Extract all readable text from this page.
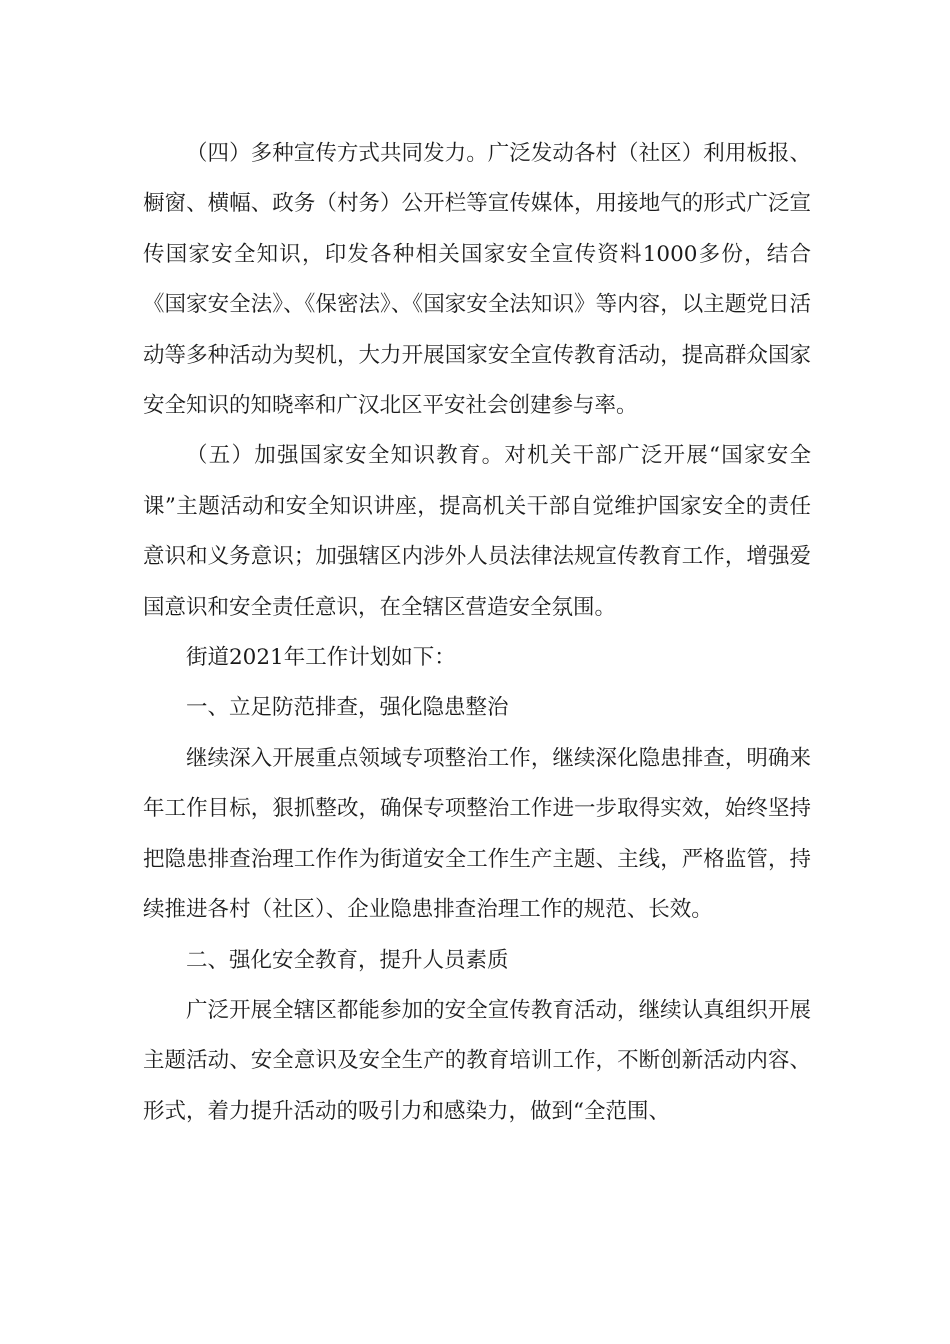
（四）多种宣传方式共同发力。广泛发动各村（社区）利用板报、橱窗、横幅、政务（村务）公开栏等宣传媒体，用接地气的形式广泛宣传国家安全知识，印发各种相关国家安全宣传资料1000多份，结合《国家安全法》、《保密法》、《国家安全法知识》等内容，以主题党日活动等多种活动为契机，大力开展国家安全宣传教育活动，提高群众国家安全知识的知晓率和广汉北区平安社会创建参与率。

（五）加强国家安全知识教育。对机关干部广泛开展“国家安全课”主题活动和安全知识讲座，提高机关干部自觉维护国家安全的责任意识和义务意识；加强辖区内涉外人员法律法规宣传教育工作，增强爱国意识和安全责任意识，在全辖区营造安全氛围。

街道2021年工作计划如下：

一、立足防范排查，强化隐患整治

继续深入开展重点领域专项整治工作，继续深化隐患排查，明确来年工作目标，狠抓整改，确保专项整治工作进一步取得实效，始终坚持把隐患排查治理工作作为街道安全工作生产主题、主线，严格监管，持续推进各村（社区）、企业隐患排查治理工作的规范、长效。

二、强化安全教育，提升人员素质

广泛开展全辖区都能参加的安全宣传教育活动，继续认真组织开展主题活动、安全意识及安全生产的教育培训工作，不断创新活动内容、形式，着力提升活动的吸引力和感染力，做到“全范围、
